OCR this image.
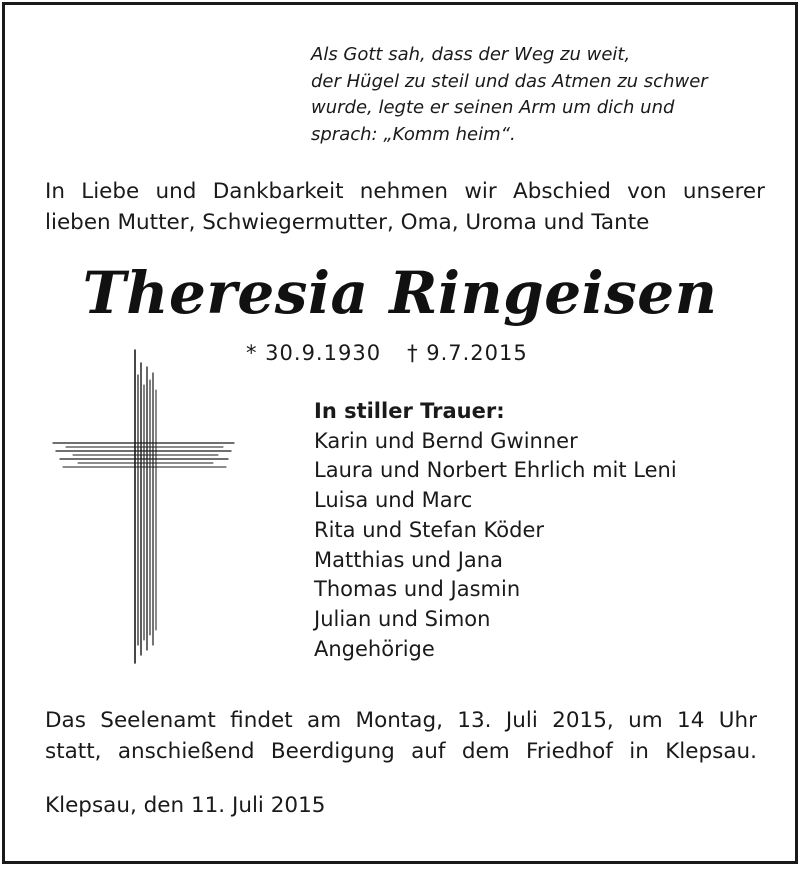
Als Gott sah, dass der Weg zu weit,
der Hügel zu steil und das Atmen zu schwer
wurde, legte er seinen Arm um dich und
sprach: „Komm heim“.
In Liebe und Dankbarkeit nehmen wir Abschied von unserer
lieben Mutter, Schwiegermutter, Oma, Uroma und Tante
Theresia Ringeisen
* 30.9.1930 † 9.7.2015
In stiller Trauer:
Karin und Bernd Gwinner
Laura und Norbert Ehrlich mit Leni
Luisa und Marc
Rita und Stefan Köder
Matthias und Jana
Thomas und Jasmin
Julian und Simon
Angehörige
Das Seelenamt findet am Montag, 13. Juli 2015, um 14 Uhr
statt, anschießend Beerdigung auf dem Friedhof in Klepsau.
Klepsau, den 11. Juli 2015
